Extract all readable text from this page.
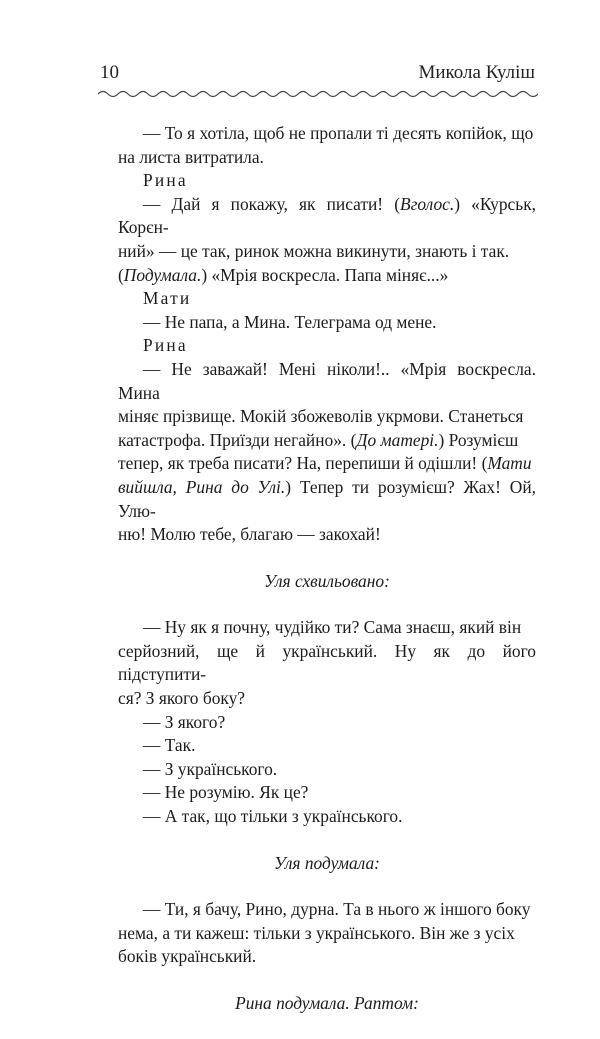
10	Микола Куліш

— То я хотіла, щоб не пропали ті десять копійок, що

на листа витратила.

Рина

— Дай я покажу, як писати! (Вголос.) «Курськ, Корєн-

ний» — це так, ринок можна викинути, знають і так.

(Подумала.) «Мрія воскресла. Папа міняє...»

Мати

— Не папа, а Мина. Телеграма од мене.

Рина

— Не заважай! Мені ніколи!.. «Мрія воскресла. Мина

міняє прізвище. Мокій збожеволів укрмови. Станеться

катастрофа. Приїзди негайно». (До матері.) Розумієш

тепер, як треба писати? На, перепиши й одішли! (Мати

вийшла, Рина до Улі.) Тепер ти розумієш? Жах! Ой, Улю-

ню! Молю тебе, благаю — закохай!

Уля схвильовано:

— Ну як я почну, чудійко ти? Сама знаєш, який він

серйозний, ще й український. Ну як до його підступити-

ся? З якого боку?

— З якого?

— Так.

— З українського.

— Не розумію. Як це?

— А так, що тільки з українського.

Уля подумала:

— Ти, я бачу, Рино, дурна. Та в нього ж іншого боку

нема, а ти кажеш: тільки з українського. Він же з усіх

боків український.

Рина подумала. Раптом:
